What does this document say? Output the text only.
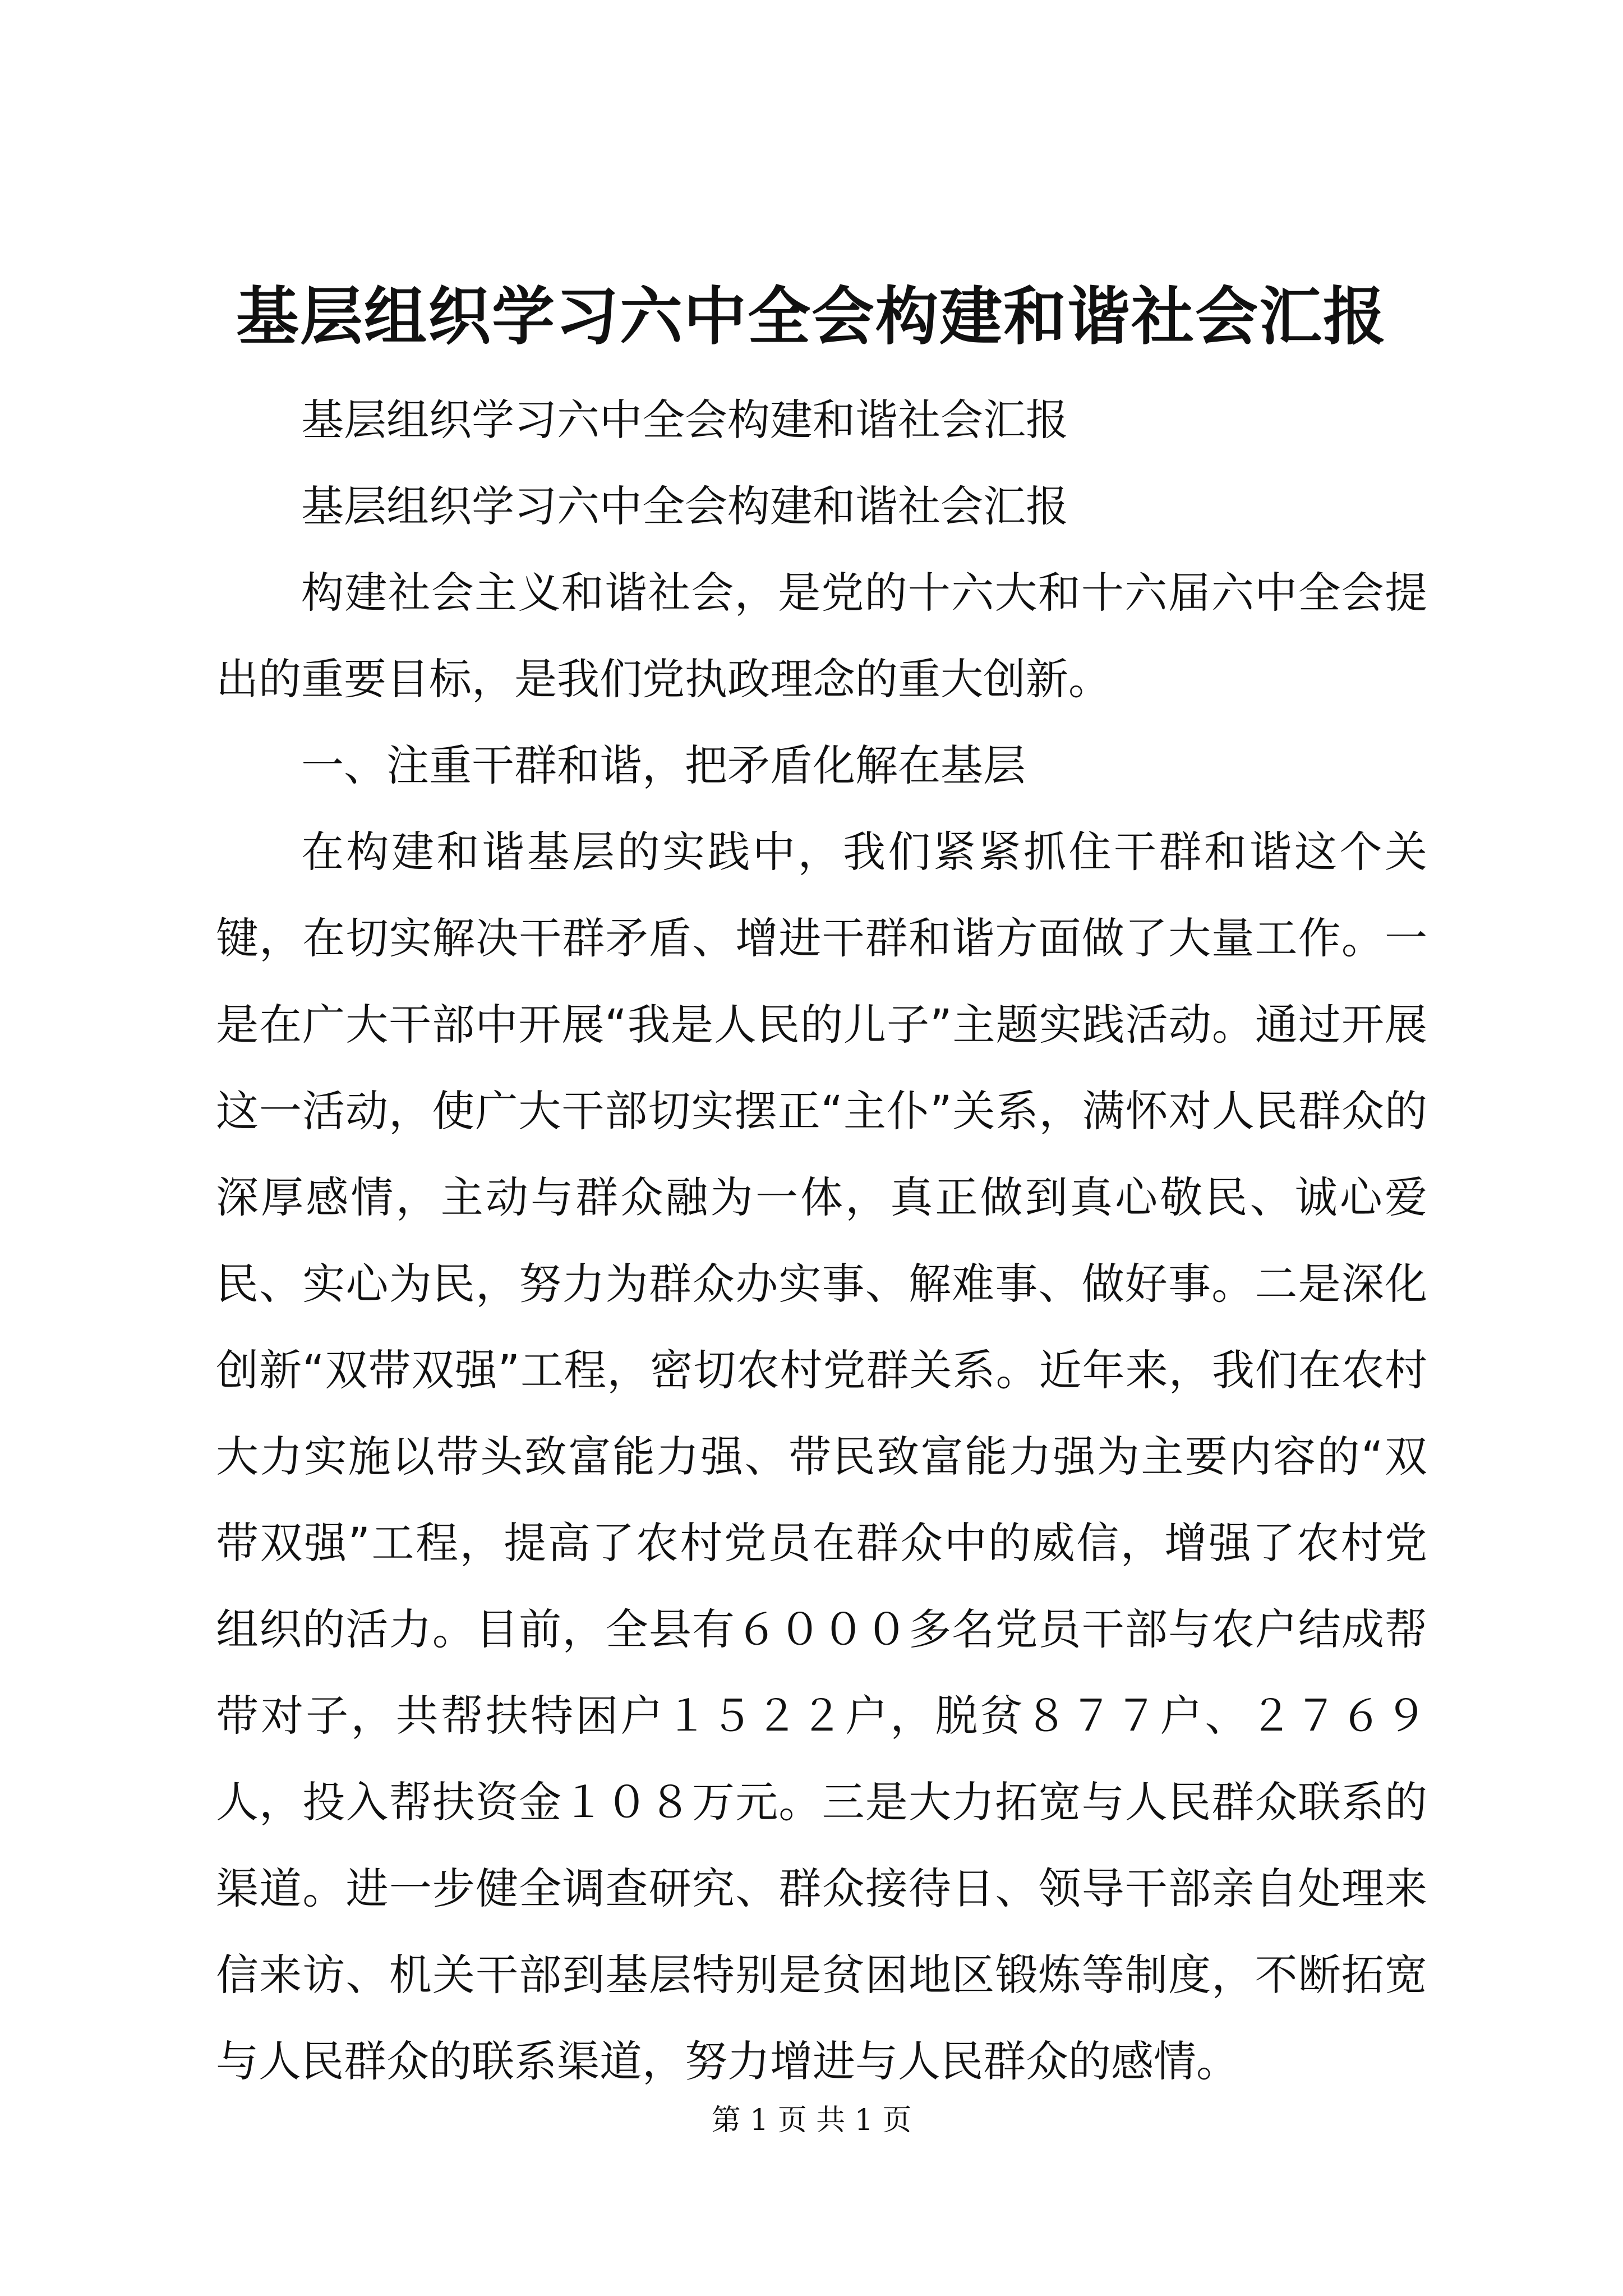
基层组织学习六中全会构建和谐社会汇报

基层组织学习六中全会构建和谐社会汇报

基层组织学习六中全会构建和谐社会汇报

构建社会主义和谐社会，是党的十六大和十六届六中全会提出的重要目标，是我们党执政理念的重大创新。

一、注重干群和谐，把矛盾化解在基层

在构建和谐基层的实践中，我们紧紧抓住干群和谐这个关键，在切实解决干群矛盾、增进干群和谐方面做了大量工作。一是在广大干部中开展“我是人民的儿子”主题实践活动。通过开展这一活动，使广大干部切实摆正“主仆”关系，满怀对人民群众的深厚感情，主动与群众融为一体，真正做到真心敬民、诚心爱民、实心为民，努力为群众办实事、解难事、做好事。二是深化创新“双带双强”工程，密切农村党群关系。近年来，我们在农村大力实施以带头致富能力强、带民致富能力强为主要内容的“双带双强”工程，提高了农村党员在群众中的威信，增强了农村党组织的活力。目前，全县有６０００多名党员干部与农户结成帮带对子，共帮扶特困户１５２２户，脱贫８７７户、２７６９人，投入帮扶资金１０８万元。三是大力拓宽与人民群众联系的渠道。进一步健全调查研究、群众接待日、领导干部亲自处理来信来访、机关干部到基层特别是贫困地区锻炼等制度，不断拓宽与人民群众的联系渠道，努力增进与人民群众的感情。

第 1 页 共 1 页
